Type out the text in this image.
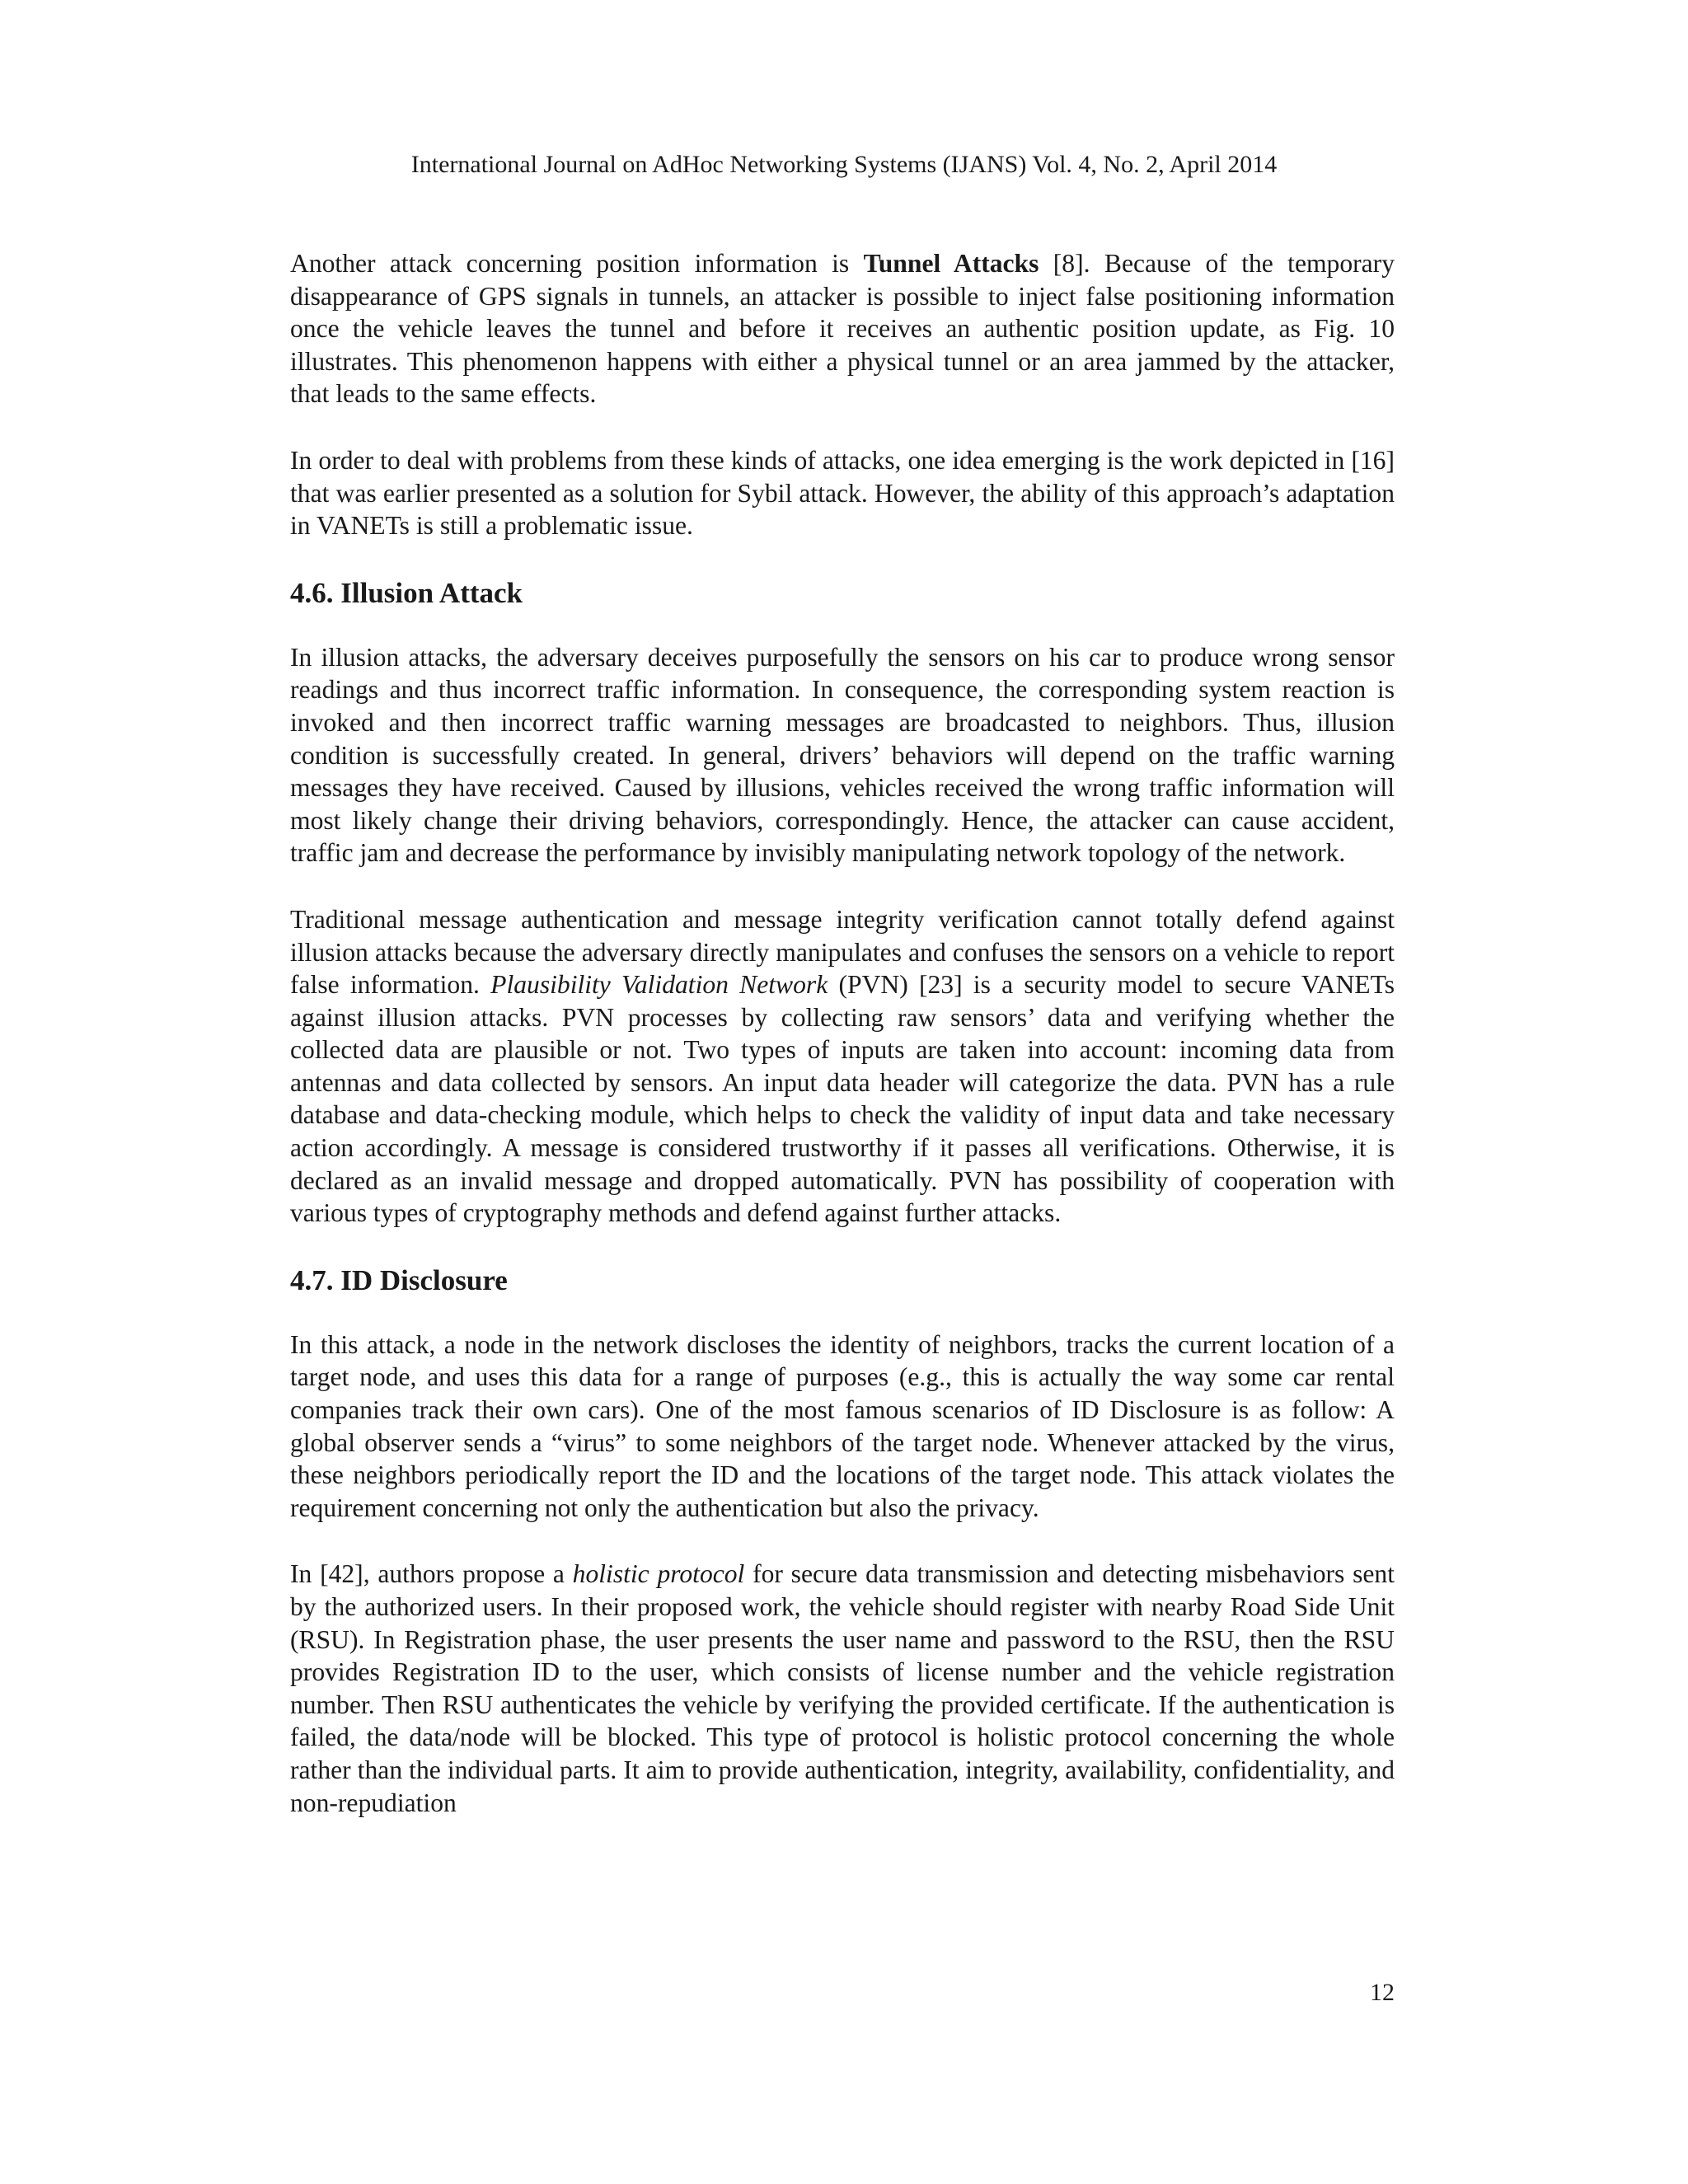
International Journal on AdHoc Networking Systems (IJANS) Vol. 4, No. 2, April 2014

Another attack concerning position information is Tunnel Attacks [8]. Because of the temporary disappearance of GPS signals in tunnels, an attacker is possible to inject false positioning information once the vehicle leaves the tunnel and before it receives an authentic position update, as Fig. 10 illustrates. This phenomenon happens with either a physical tunnel or an area jammed by the attacker, that leads to the same effects.

In order to deal with problems from these kinds of attacks, one idea emerging is the work depicted in [16] that was earlier presented as a solution for Sybil attack. However, the ability of this approach’s adaptation in VANETs is still a problematic issue.

4.6. Illusion Attack

In illusion attacks, the adversary deceives purposefully the sensors on his car to produce wrong sensor readings and thus incorrect traffic information. In consequence, the corresponding system reaction is invoked and then incorrect traffic warning messages are broadcasted to neighbors. Thus, illusion condition is successfully created. In general, drivers’ behaviors will depend on the traffic warning messages they have received. Caused by illusions, vehicles received the wrong traffic information will most likely change their driving behaviors, correspondingly. Hence, the attacker can cause accident, traffic jam and decrease the performance by invisibly manipulating network topology of the network.

Traditional message authentication and message integrity verification cannot totally defend against illusion attacks because the adversary directly manipulates and confuses the sensors on a vehicle to report false information. Plausibility Validation Network (PVN) [23] is a security model to secure VANETs against illusion attacks. PVN processes by collecting raw sensors’ data and verifying whether the collected data are plausible or not. Two types of inputs are taken into account: incoming data from antennas and data collected by sensors. An input data header will categorize the data. PVN has a rule database and data-checking module, which helps to check the validity of input data and take necessary action accordingly. A message is considered trustworthy if it passes all verifications. Otherwise, it is declared as an invalid message and dropped automatically. PVN has possibility of cooperation with various types of cryptography methods and defend against further attacks.

4.7. ID Disclosure

In this attack, a node in the network discloses the identity of neighbors, tracks the current location of a target node, and uses this data for a range of purposes (e.g., this is actually the way some car rental companies track their own cars). One of the most famous scenarios of ID Disclosure is as follow: A global observer sends a “virus” to some neighbors of the target node. Whenever attacked by the virus, these neighbors periodically report the ID and the locations of the target node. This attack violates the requirement concerning not only the authentication but also the privacy.

In [42], authors propose a holistic protocol for secure data transmission and detecting misbehaviors sent by the authorized users. In their proposed work, the vehicle should register with nearby Road Side Unit (RSU). In Registration phase, the user presents the user name and password to the RSU, then the RSU provides Registration ID to the user, which consists of license number and the vehicle registration number. Then RSU authenticates the vehicle by verifying the provided certificate. If the authentication is failed, the data/node will be blocked. This type of protocol is holistic protocol concerning the whole rather than the individual parts. It aim to provide authentication, integrity, availability, confidentiality, and non-repudiation

12
